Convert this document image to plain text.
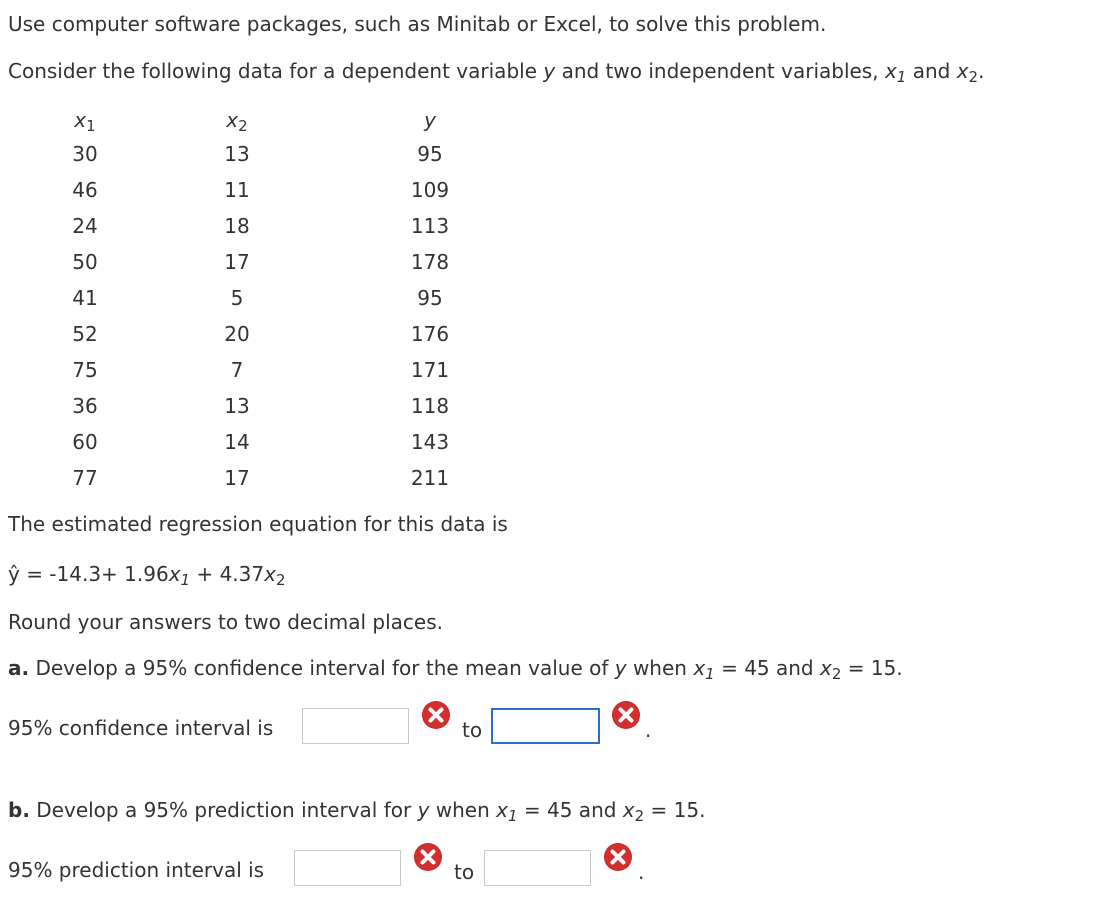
Use computer software packages, such as Minitab or Excel, to solve this problem.
Consider the following data for a dependent variable y and two independent variables, $x_1$ and $x_2$.
$x_1$	$x_2$	y
30	13	95
46	11	109
24	18	113
50	17	178
41	5	95
52	20	176
75	7	171
36	13	118
60	14	143
77	17	211
The estimated regression equation for this data is
ŷ = $-14.3+ 1.96x_1 + 4.37x_2$
Round your answers to two decimal places.
a. Develop a 95% confidence interval for the mean value of y when $x_1 = 45$ and $x_2 = 15$.
95% confidence interval is	to	.
b. Develop a 95% prediction interval for y when $x_1 = 45$ and $x_2 = 15$.
95% prediction interval is	to	.
